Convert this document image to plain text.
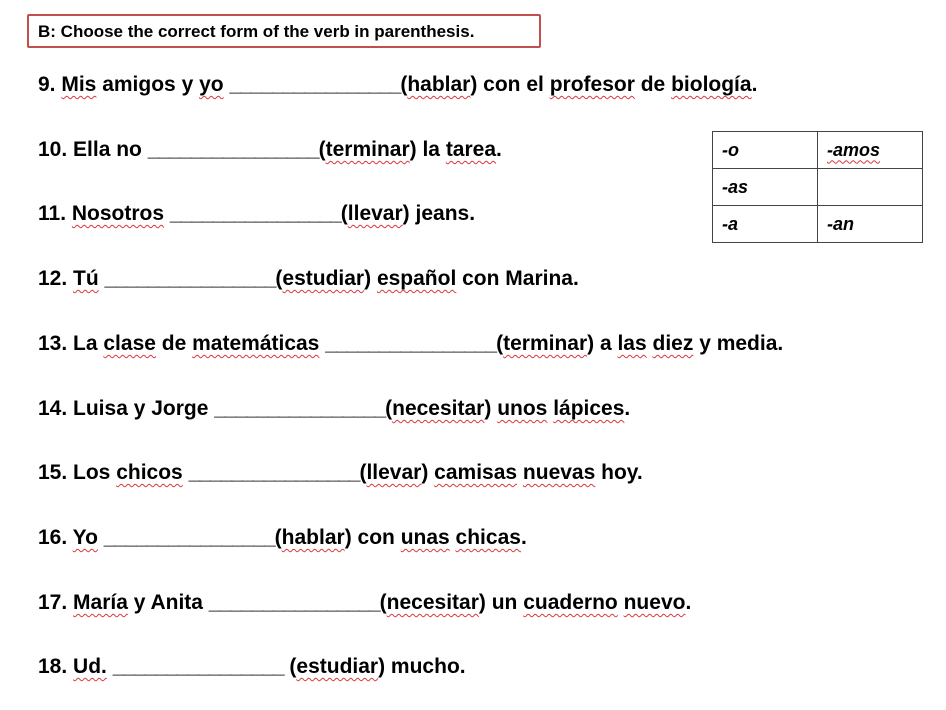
B: Choose the correct form of the verb in parenthesis.
9. Mis amigos y yo ________________(hablar) con el profesor de biología.
10. Ella no ________________(terminar) la tarea.
11. Nosotros ________________(llevar) jeans.
12. Tú ________________(estudiar) español con Marina.
13. La clase de matemáticas ________________(terminar) a las diez y media.
14. Luisa y Jorge ________________(necesitar) unos lápices.
15. Los chicos ________________(llevar) camisas nuevas hoy.
16. Yo ________________(hablar) con unas chicas.
17. María y Anita ________________(necesitar) un cuaderno nuevo.
18. Ud. ________________ (estudiar) mucho.
-o	-amos
-as	
-a	-an
